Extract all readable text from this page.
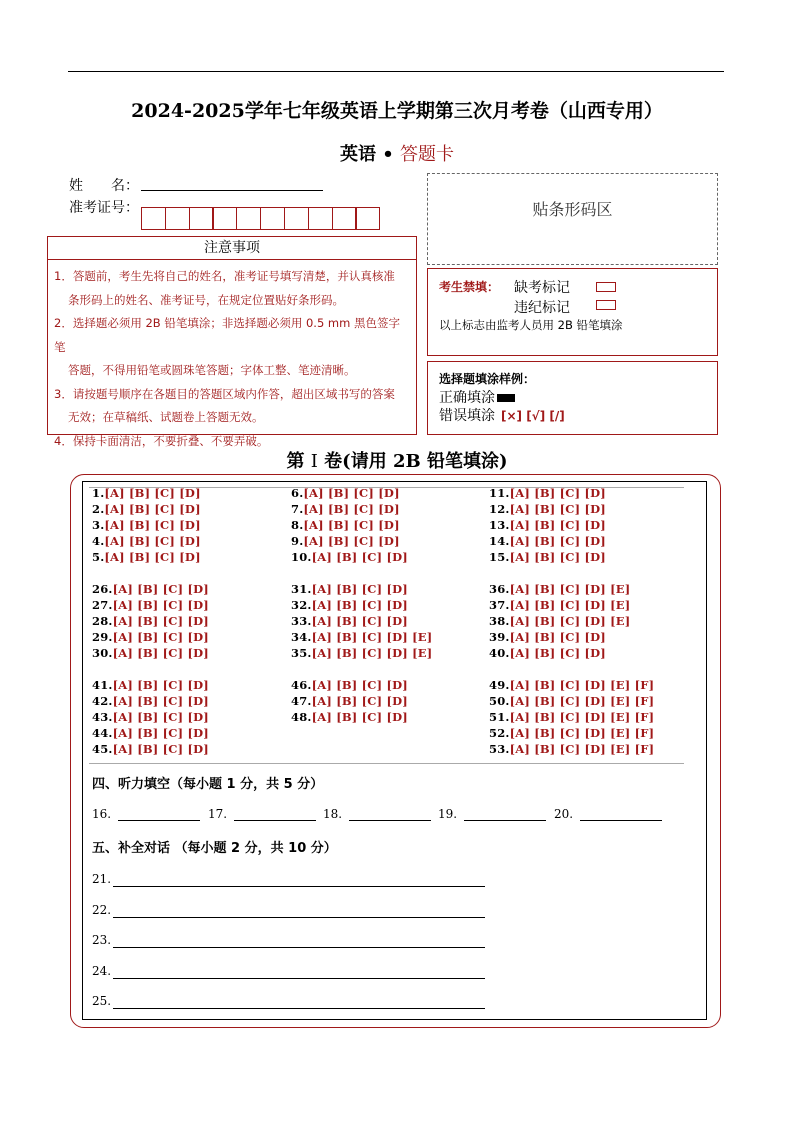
2024-2025学年七年级英语上学期第三次月考卷（山西专用）
英语 • 答题卡
姓　　名：
准考证号：	贴条形码区
注意事项
1．答题前，考生先将自己的姓名，准考证号填写清楚，并认真核准
条形码上的姓名、准考证号，在规定位置贴好条形码。
2．选择题必须用 2B 铅笔填涂；非选择题必须用 0.5 mm 黑色签字笔
答题，不得用铅笔或圆珠笔答题；字体工整、笔迹清晰。
3．请按题号顺序在各题目的答题区域内作答，超出区域书写的答案
无效；在草稿纸、试题卷上答题无效。
4．保持卡面清洁，不要折叠、不要弄破。
考生禁填： 缺考标记
违纪标记
以上标志由监考人员用 2B 铅笔填涂
选择题填涂样例：
正确填涂
错误填涂 [×] [√] [/]
第 I 卷(请用 2B 铅笔填涂)
四、听力填空（每小题 1 分，共 5 分）
五、补全对话 （每小题 2 分，共 10 分）
1.[A] [B] [C] [D]
2.[A] [B] [C] [D]
3.[A] [B] [C] [D]
4.[A] [B] [C] [D]
5.[A] [B] [C] [D]
6.[A] [B] [C] [D]
7.[A] [B] [C] [D]
8.[A] [B] [C] [D]
9.[A] [B] [C] [D]
10.[A] [B] [C] [D]
11.[A] [B] [C] [D]
12.[A] [B] [C] [D]
13.[A] [B] [C] [D]
14.[A] [B] [C] [D]
15.[A] [B] [C] [D]
26.[A] [B] [C] [D]
27.[A] [B] [C] [D]
28.[A] [B] [C] [D]
29.[A] [B] [C] [D]
30.[A] [B] [C] [D]
31.[A] [B] [C] [D]
32.[A] [B] [C] [D]
33.[A] [B] [C] [D]
34.[A] [B] [C] [D] [E]
35.[A] [B] [C] [D] [E]
36.[A] [B] [C] [D] [E]
37.[A] [B] [C] [D] [E]
38.[A] [B] [C] [D] [E]
39.[A] [B] [C] [D]
40.[A] [B] [C] [D]
41.[A] [B] [C] [D]
42.[A] [B] [C] [D]
43.[A] [B] [C] [D]
44.[A] [B] [C] [D]
45.[A] [B] [C] [D]
46.[A] [B] [C] [D]
47.[A] [B] [C] [D]
48.[A] [B] [C] [D]
49.[A] [B] [C] [D] [E] [F]
50.[A] [B] [C] [D] [E] [F]
51.[A] [B] [C] [D] [E] [F]
52.[A] [B] [C] [D] [E] [F]
53.[A] [B] [C] [D] [E] [F]
16.	17.	18.	19.	20.
21.
22.
23.
24.
25.
